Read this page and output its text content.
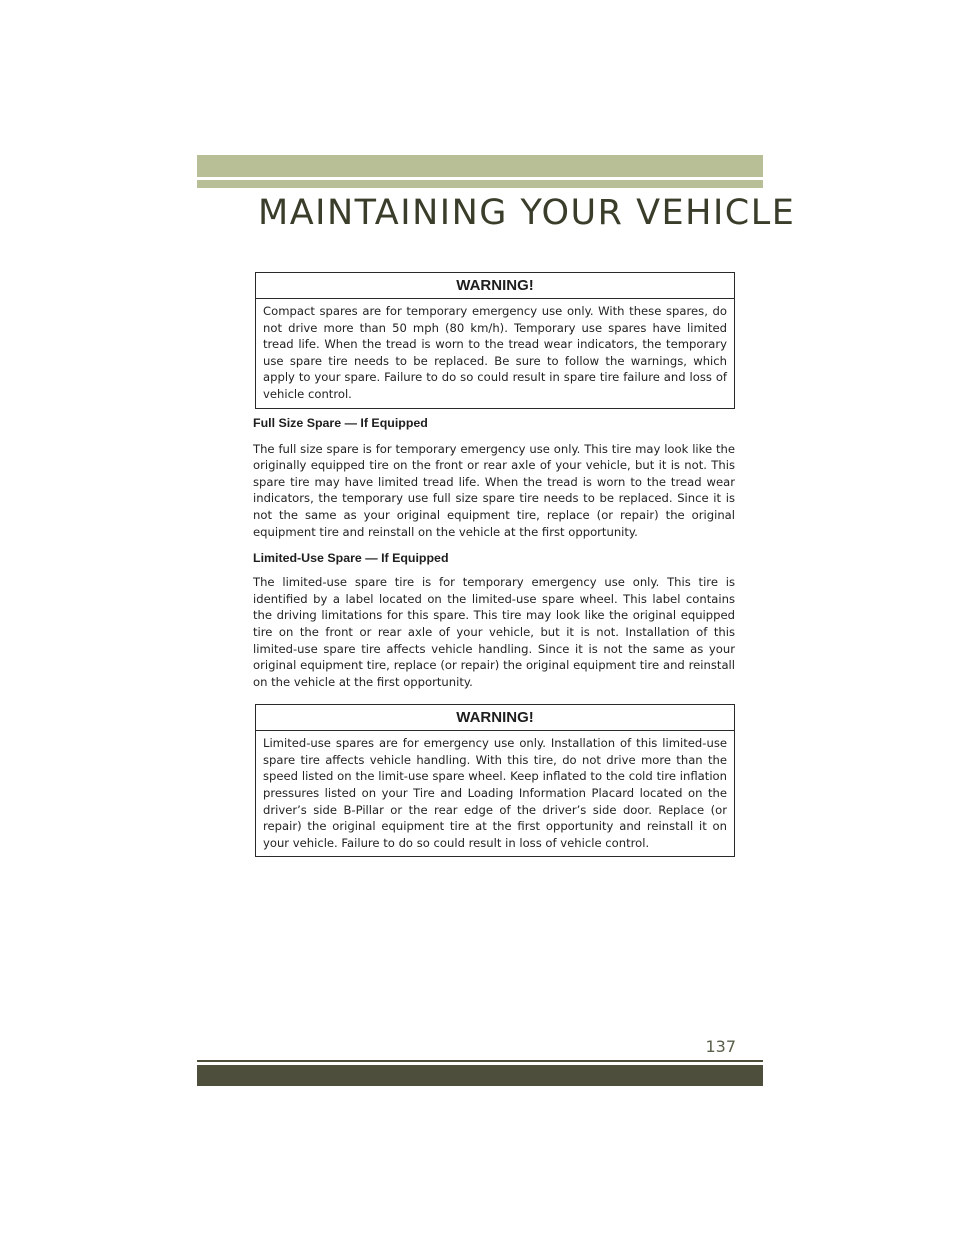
MAINTAINING YOUR VEHICLE
WARNING!
Compact spares are for temporary emergency use only. With these spares, do not drive more than 50 mph (80 km/h). Temporary use spares have limited tread life. When the tread is worn to the tread wear indicators, the temporary use spare tire needs to be replaced. Be sure to follow the warnings, which apply to your spare. Failure to do so could result in spare tire failure and loss of vehicle control.
Full Size Spare — If Equipped

The full size spare is for temporary emergency use only. This tire may look like the originally equipped tire on the front or rear axle of your vehicle, but it is not. This spare tire may have limited tread life. When the tread is worn to the tread wear indicators, the temporary use full size spare tire needs to be replaced. Since it is not the same as your original equipment tire, replace (or repair) the original equipment tire and reinstall on the vehicle at the first opportunity.

Limited-Use Spare — If Equipped

The limited-use spare tire is for temporary emergency use only. This tire is identified by a label located on the limited-use spare wheel. This label contains the driving limitations for this spare. This tire may look like the original equipped tire on the front or rear axle of your vehicle, but it is not. Installation of this limited-use spare tire affects vehicle handling. Since it is not the same as your original equipment tire, replace (or repair) the original equipment tire and reinstall on the vehicle at the first opportunity.

WARNING!
Limited-use spares are for emergency use only. Installation of this limited-use spare tire affects vehicle handling. With this tire, do not drive more than the speed listed on the limit-use spare wheel. Keep inflated to the cold tire inflation pressures listed on your Tire and Loading Information Placard located on the driver’s side B-Pillar or the rear edge of the driver’s side door. Replace (or repair) the original equipment tire at the first opportunity and reinstall it on your vehicle. Failure to do so could result in loss of vehicle control.
137
